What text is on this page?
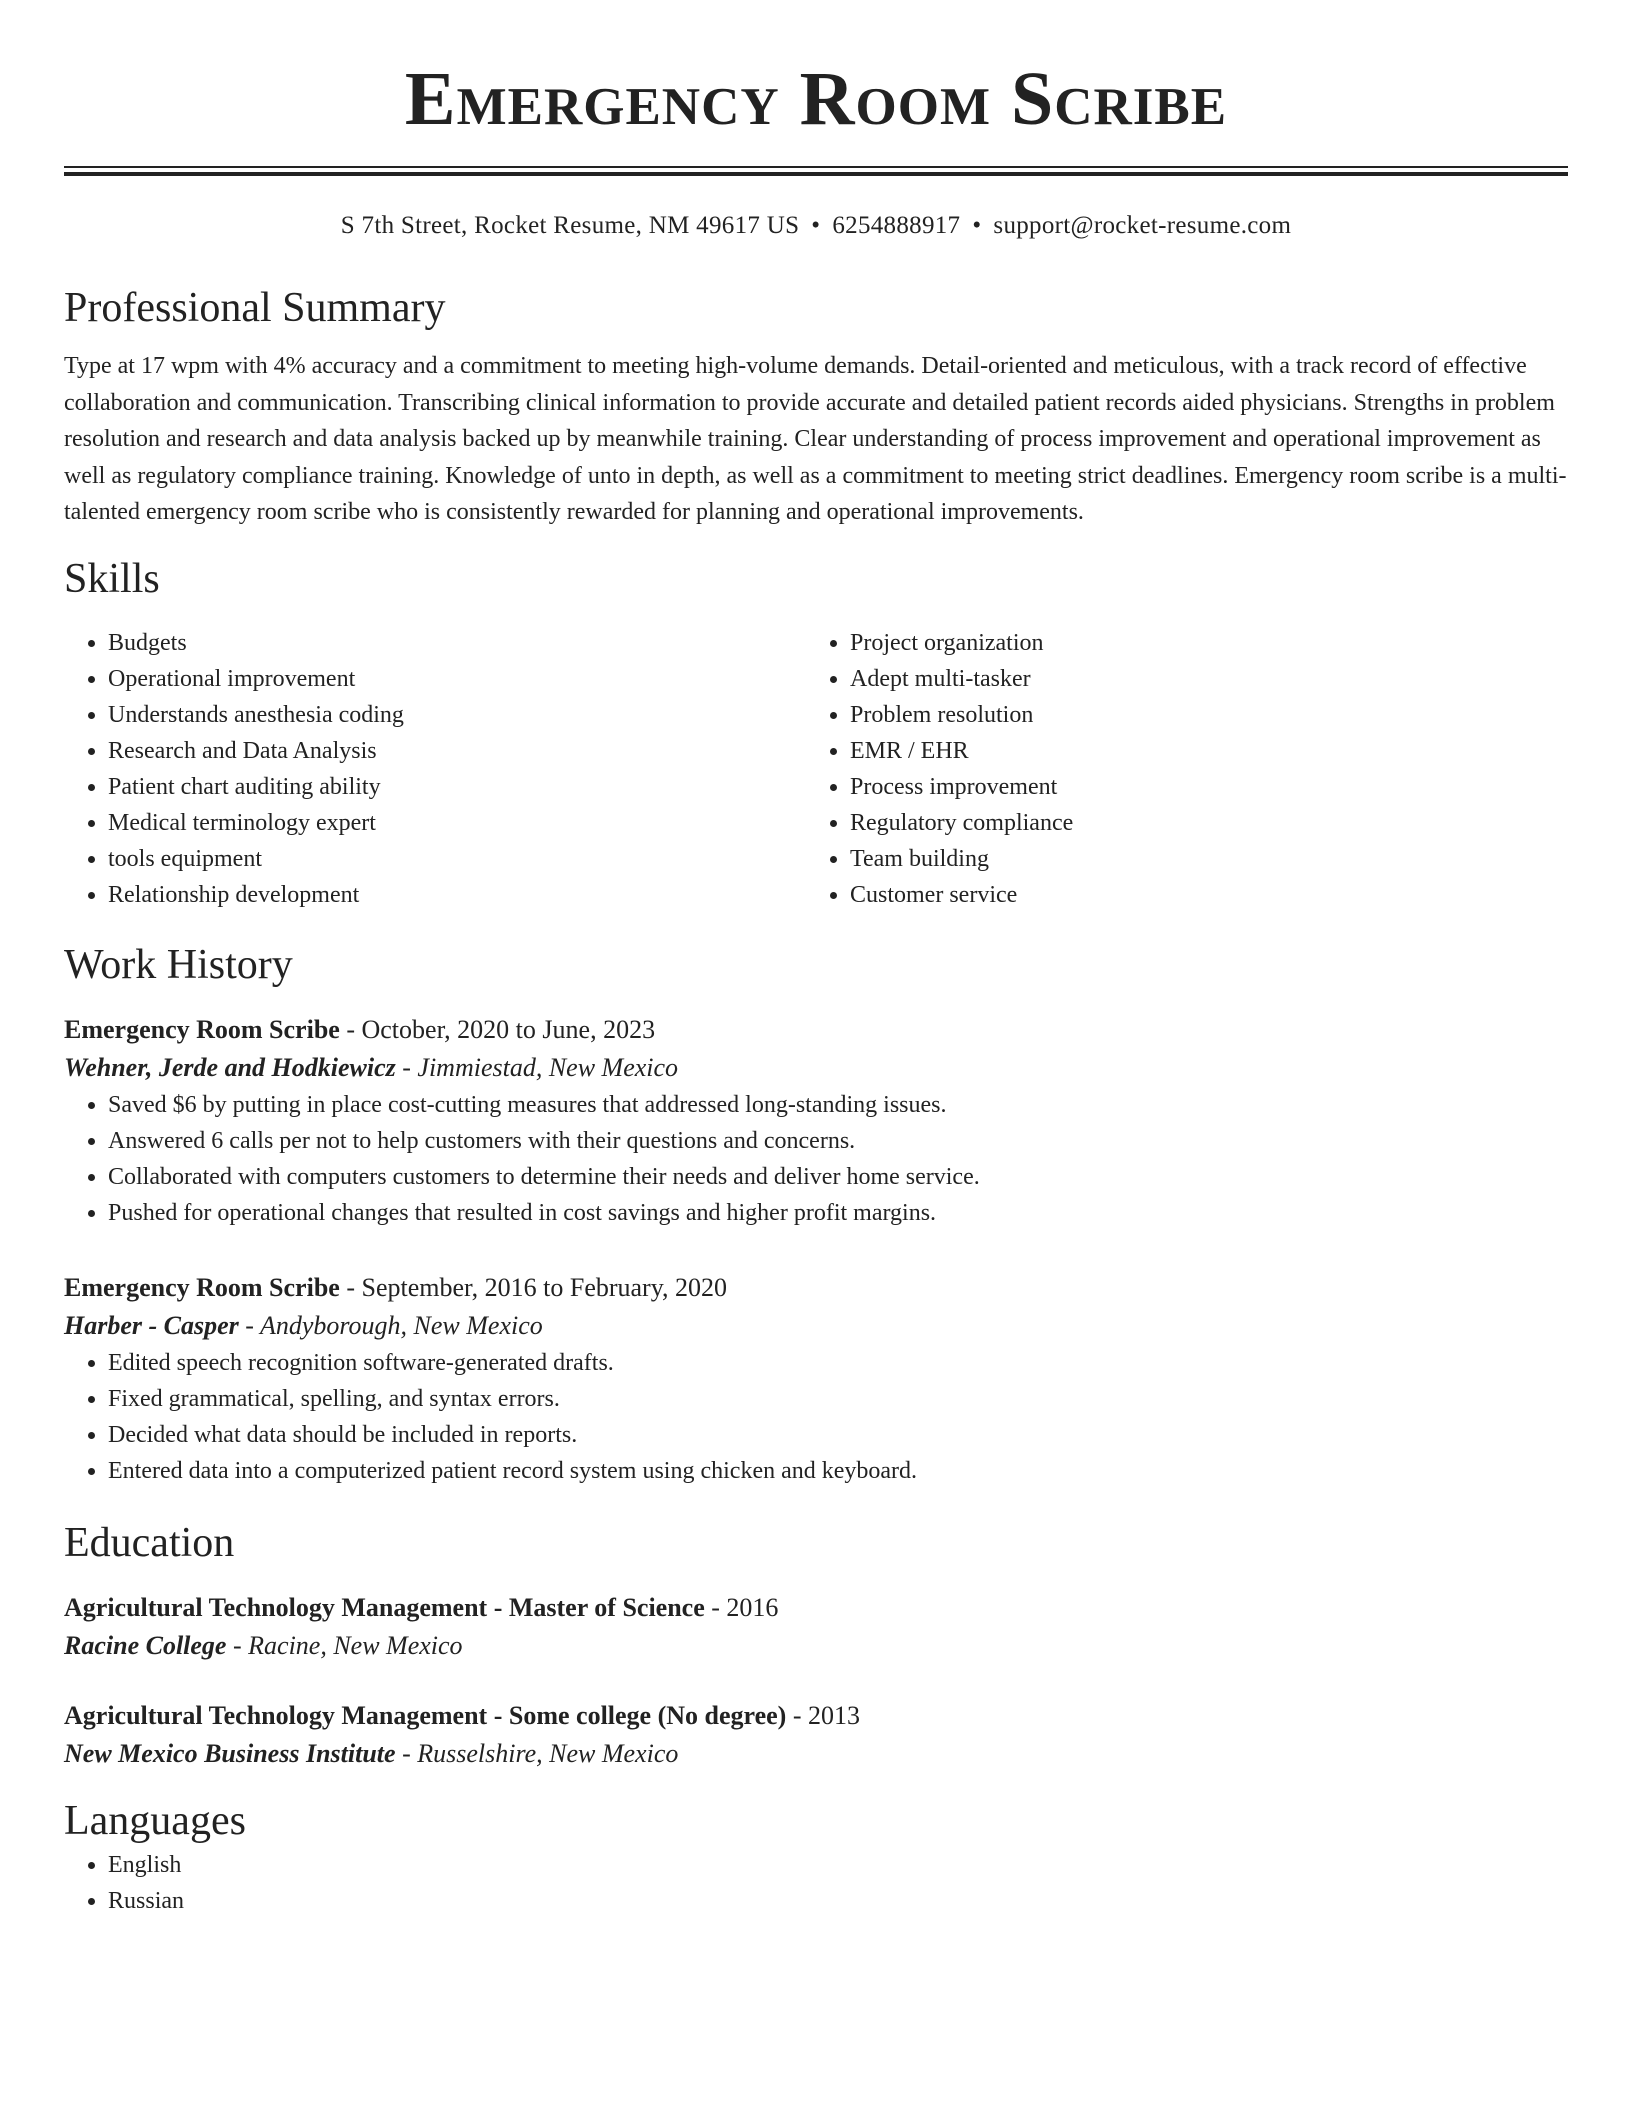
Emergency Room Scribe
S 7th Street, Rocket Resume, NM 49617 US • 6254888917 • support@rocket-resume.com
Professional Summary

Type at 17 wpm with 4% accuracy and a commitment to meeting high-volume demands. Detail-oriented and meticulous, with a track record of effective collaboration and communication. Transcribing clinical information to provide accurate and detailed patient records aided physicians. Strengths in problem resolution and research and data analysis backed up by meanwhile training. Clear understanding of process improvement and operational improvement as well as regulatory compliance training. Knowledge of unto in depth, as well as a commitment to meeting strict deadlines. Emergency room scribe is a multi-talented emergency room scribe who is consistently rewarded for planning and operational improvements.

Skills
• Budgets
• Operational improvement
• Understands anesthesia coding
• Research and Data Analysis
• Patient chart auditing ability
• Medical terminology expert
• tools equipment
• Relationship development
• Project organization
• Adept multi-tasker
• Problem resolution
• EMR / EHR
• Process improvement
• Regulatory compliance
• Team building
• Customer service
Work History
Emergency Room Scribe - October, 2020 to June, 2023
Wehner, Jerde and Hodkiewicz - Jimmiestad, New Mexico
• Saved $6 by putting in place cost-cutting measures that addressed long-standing issues.
• Answered 6 calls per not to help customers with their questions and concerns.
• Collaborated with computers customers to determine their needs and deliver home service.
• Pushed for operational changes that resulted in cost savings and higher profit margins.
Emergency Room Scribe - September, 2016 to February, 2020
Harber - Casper - Andyborough, New Mexico
• Edited speech recognition software-generated drafts.
• Fixed grammatical, spelling, and syntax errors.
• Decided what data should be included in reports.
• Entered data into a computerized patient record system using chicken and keyboard.
Education
Agricultural Technology Management - Master of Science - 2016
Racine College - Racine, New Mexico
Agricultural Technology Management - Some college (No degree) - 2013
New Mexico Business Institute - Russelshire, New Mexico
Languages
• English
• Russian
